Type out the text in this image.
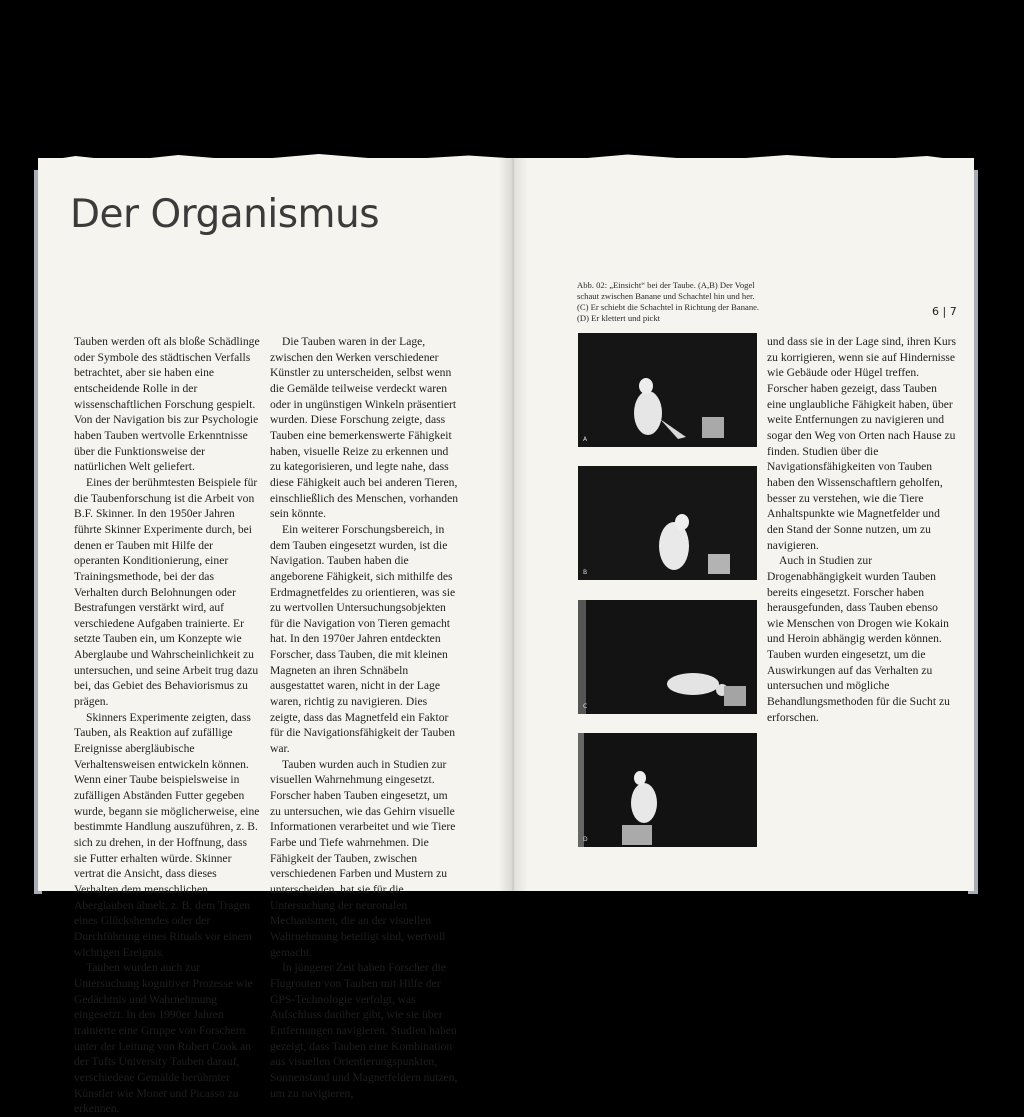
Der Organismus

Tauben werden oft als bloße Schädlinge oder Symbole des städtischen Verfalls betrachtet, aber sie haben eine entscheidende Rolle in der wissenschaftlichen Forschung gespielt. Von der Navigation bis zur Psychologie haben Tauben wertvolle Erkenntnisse über die Funktionsweise der natürlichen Welt geliefert.

Eines der berühmtesten Beispiele für die Taubenforschung ist die Arbeit von B.F. Skinner. In den 1950er Jahren führte Skinner Experimente durch, bei denen er Tauben mit Hilfe der operanten Konditionierung, einer Trainingsmethode, bei der das Verhalten durch Belohnungen oder Bestrafungen verstärkt wird, auf verschiedene Aufgaben trainierte. Er setzte Tauben ein, um Konzepte wie Aberglaube und Wahrscheinlichkeit zu untersuchen, und seine Arbeit trug dazu bei, das Gebiet des Behaviorismus zu prägen.

Skinners Experimente zeigten, dass Tauben, als Reaktion auf zufällige Ereignisse abergläubische Verhaltensweisen entwickeln können. Wenn einer Taube beispielsweise in zufälligen Abständen Futter gegeben wurde, begann sie möglicherweise, eine bestimmte Handlung auszuführen, z. B. sich zu drehen, in der Hoffnung, dass sie Futter erhalten würde. Skinner vertrat die Ansicht, dass dieses Verhalten dem menschlichen Aberglauben ähnelt, z. B. dem Tragen eines Glückshemdes oder der Durchführung eines Rituals vor einem wichtigen Ereignis.

Tauben wurden auch zur Untersuchung kognitiver Prozesse wie Gedächtnis und Wahrnehmung eingesetzt. In den 1990er Jahren trainierte eine Gruppe von Forschern unter der Leitung von Robert Cook an der Tufts University Tauben darauf, verschiedene Gemälde berühmter Künstler wie Monet und Picasso zu erkennen.

Die Tauben waren in der Lage, zwischen den Werken verschiedener Künstler zu unterscheiden, selbst wenn die Gemälde teilweise verdeckt waren oder in ungünstigen Winkeln präsentiert wurden. Diese Forschung zeigte, dass Tauben eine bemerkenswerte Fähigkeit haben, visuelle Reize zu erkennen und zu kategorisieren, und legte nahe, dass diese Fähigkeit auch bei anderen Tieren, einschließlich des Menschen, vorhanden sein könnte.

Ein weiterer Forschungsbereich, in dem Tauben eingesetzt wurden, ist die Navigation. Tauben haben die angeborene Fähigkeit, sich mithilfe des Erdmagnetfeldes zu orientieren, was sie zu wertvollen Untersuchungsobjekten für die Navigation von Tieren gemacht hat. In den 1970er Jahren entdeckten Forscher, dass Tauben, die mit kleinen Magneten an ihren Schnäbeln ausgestattet waren, nicht in der Lage waren, richtig zu navigieren. Dies zeigte, dass das Magnetfeld ein Faktor für die Navigationsfähigkeit der Tauben war.

Tauben wurden auch in Studien zur visuellen Wahrnehmung eingesetzt. Forscher haben Tauben eingesetzt, um zu untersuchen, wie das Gehirn visuelle Informationen verarbeitet und wie Tiere Farbe und Tiefe wahrnehmen. Die Fähigkeit der Tauben, zwischen verschiedenen Farben und Mustern zu unterscheiden, hat sie für die Untersuchung der neuronalen Mechanismen, die an der visuellen Wahrnehmung beteiligt sind, wertvoll gemacht.

In jüngerer Zeit haben Forscher die Flugrouten von Tauben mit Hilfe der GPS-Technologie verfolgt, was Aufschluss darüber gibt, wie sie über Entfernungen navigieren. Studien haben gezeigt, dass Tauben eine Kombination aus visuellen Orientierungspunkten, Sonnenstand und Magnetfeldern nutzen, um zu navigieren,

Abb. 02: „Einsicht“ bei der Taube. (A,B) Der Vogel schaut zwischen Banane und Schachtel hin und her. (C) Er schiebt die Schachtel in Richtung der Banane. (D) Er klettert und pickt	6 | 7
A
B
C
D

und dass sie in der Lage sind, ihren Kurs zu korrigieren, wenn sie auf Hindernisse wie Gebäude oder Hügel treffen. Forscher haben gezeigt, dass Tauben eine unglaubliche Fähigkeit haben, über weite Entfernungen zu navigieren und sogar den Weg von Orten nach Hause zu finden. Studien über die Navigationsfähigkeiten von Tauben haben den Wissenschaftlern geholfen, besser zu verstehen, wie die Tiere Anhaltspunkte wie Magnetfelder und den Stand der Sonne nutzen, um zu navigieren.

Auch in Studien zur Drogenabhängigkeit wurden Tauben bereits eingesetzt. Forscher haben herausgefunden, dass Tauben ebenso wie Menschen von Drogen wie Kokain und Heroin abhängig werden können. Tauben wurden eingesetzt, um die Auswirkungen auf das Verhalten zu untersuchen und mögliche Behandlungsmethoden für die Sucht zu erforschen.
